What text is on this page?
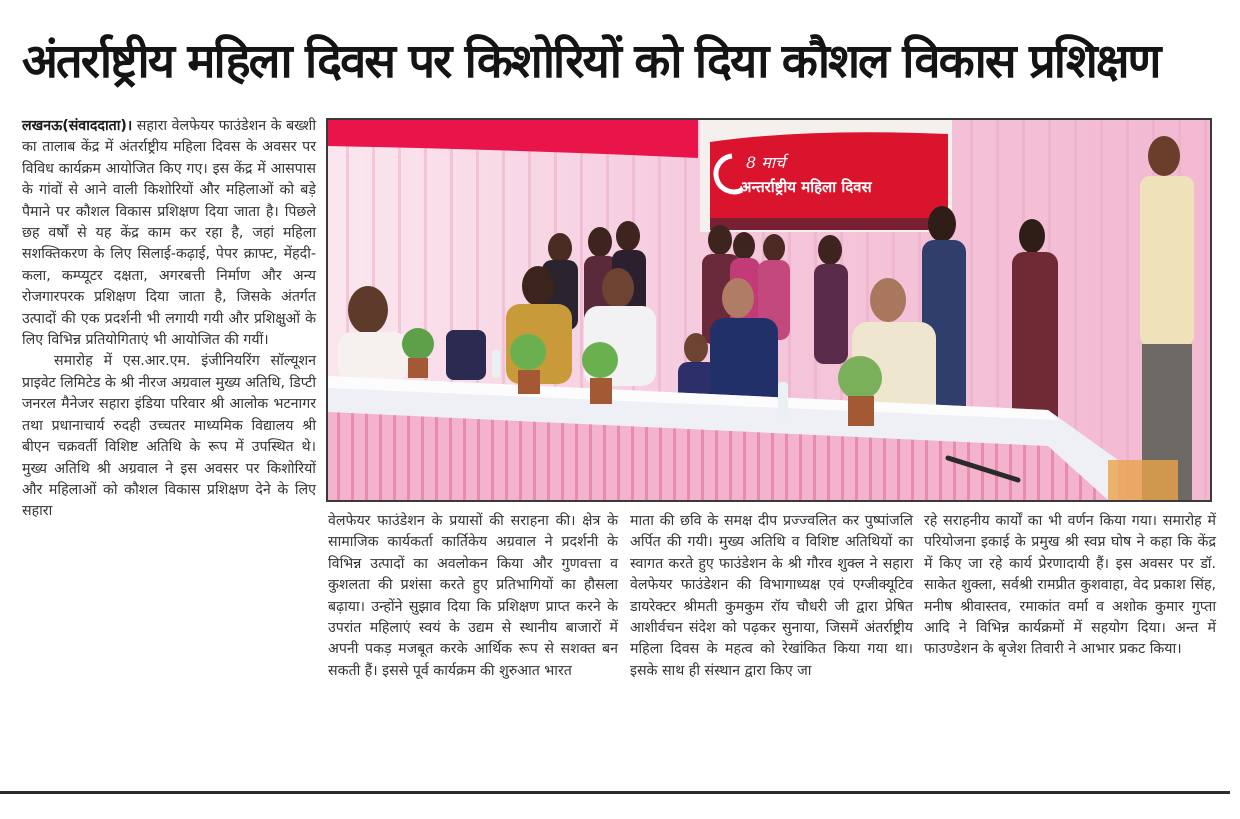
अंतर्राष्ट्रीय महिला दिवस पर किशोरियों को दिया कौशल विकास प्रशिक्षण

लखनऊ(संवाददाता)। सहारा वेलफेयर फाउंडेशन के बख्शी का तालाब केंद्र में अंतर्राष्ट्रीय महिला दिवस के अवसर पर विविध कार्यक्रम आयोजित किए गए। इस केंद्र में आसपास के गांवों से आने वाली किशोरियों और महिलाओं को बड़े पैमाने पर कौशल विकास प्रशिक्षण दिया जाता है। पिछले छह वर्षों से यह केंद्र काम कर रहा है, जहां महिला सशक्तिकरण के लिए सिलाई-कढ़ाई, पेपर क्राफ्ट, मेंहदी-कला, कम्प्यूटर दक्षता, अगरबत्ती निर्माण और अन्य रोजगारपरक प्रशिक्षण दिया जाता है, जिसके अंतर्गत उत्पादों की एक प्रदर्शनी भी लगायी गयी और प्रशिक्षुओं के लिए विभिन्न प्रतियोगिताएं भी आयोजित की गयीं।

समारोह में एस.आर.एम. इंजीनियरिंग सॉल्यूशन प्राइवेट लिमिटेड के श्री नीरज अग्रवाल मुख्य अतिथि, डिप्टी जनरल मैनेजर सहारा इंडिया परिवार श्री आलोक भटनागर तथा प्रधानाचार्य रुदही उच्चतर माध्यमिक विद्यालय श्री बीएन चक्रवर्ती विशिष्ट अतिथि के रूप में उपस्थित थे। मुख्य अतिथि श्री अग्रवाल ने इस अवसर पर किशोरियों और महिलाओं को कौशल विकास प्रशिक्षण देने के लिए सहारा

8 मार्च
अन्तर्राष्ट्रीय महिला दिवस

वेलफेयर फाउंडेशन के प्रयासों की सराहना की। क्षेत्र के सामाजिक कार्यकर्ता कार्तिकेय अग्रवाल ने प्रदर्शनी के विभिन्न उत्पादों का अवलोकन किया और गुणवत्ता व कुशलता की प्रशंसा करते हुए प्रतिभागियों का हौसला बढ़ाया। उन्होंने सुझाव दिया कि प्रशिक्षण प्राप्त करने के उपरांत महिलाएं स्वयं के उद्यम से स्थानीय बाजारों में अपनी पकड़ मजबूत करके आर्थिक रूप से सशक्त बन सकती हैं। इससे पूर्व कार्यक्रम की शुरुआत भारत

माता की छवि के समक्ष दीप प्रज्ज्वलित कर पुष्पांजलि अर्पित की गयी। मुख्य अतिथि व विशिष्ट अतिथियों का स्वागत करते हुए फाउंडेशन के श्री गौरव शुक्ल ने सहारा वेलफेयर फाउंडेशन की विभागाध्यक्ष एवं एग्जीक्यूटिव डायरेक्टर श्रीमती कुमकुम रॉय चौधरी जी द्वारा प्रेषित आशीर्वचन संदेश को पढ़कर सुनाया, जिसमें अंतर्राष्ट्रीय महिला दिवस के महत्व को रेखांकित किया गया था। इसके साथ ही संस्थान द्वारा किए जा

रहे सराहनीय कार्यों का भी वर्णन किया गया। समारोह में परियोजना इकाई के प्रमुख श्री स्वप्न घोष ने कहा कि केंद्र में किए जा रहे कार्य प्रेरणादायी हैं। इस अवसर पर डॉ. साकेत शुक्ला, सर्वश्री रामप्रीत कुशवाहा, वेद प्रकाश सिंह, मनीष श्रीवास्तव, रमाकांत वर्मा व अशोक कुमार गुप्ता आदि ने विभिन्न कार्यक्रमों में सहयोग दिया। अन्त में फाउण्डेशन के बृजेश तिवारी ने आभार प्रकट किया।
